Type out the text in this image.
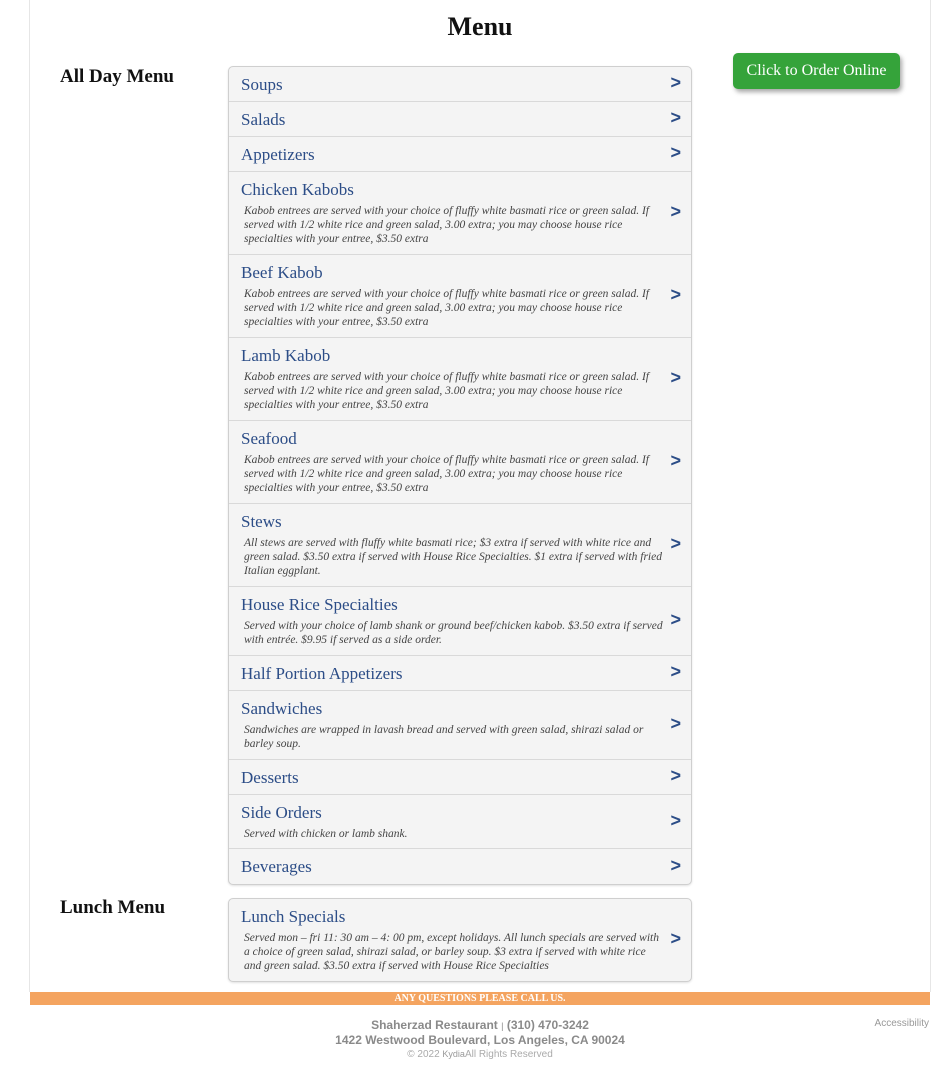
Menu
All Day Menu	Click to Order Online
Soups	>
Salads	>
Appetizers	>
Chicken Kabobs
Kabob entrees are served with your choice of fluffy white basmati rice or green salad. If served with 1/2 white rice and green salad, 3.00 extra; you may choose house rice specialties with your entree, $3.50 extra
>
Beef Kabob
Kabob entrees are served with your choice of fluffy white basmati rice or green salad. If served with 1/2 white rice and green salad, 3.00 extra; you may choose house rice specialties with your entree, $3.50 extra
>
Lamb Kabob
Kabob entrees are served with your choice of fluffy white basmati rice or green salad. If served with 1/2 white rice and green salad, 3.00 extra; you may choose house rice specialties with your entree, $3.50 extra
>
Seafood
Kabob entrees are served with your choice of fluffy white basmati rice or green salad. If served with 1/2 white rice and green salad, 3.00 extra; you may choose house rice specialties with your entree, $3.50 extra
>
Stews
All stews are served with fluffy white basmati rice; $3 extra if served with white rice and green salad. $3.50 extra if served with House Rice Specialties. $1 extra if served with fried Italian eggplant.
>
House Rice Specialties
Served with your choice of lamb shank or ground beef/chicken kabob. $3.50 extra if served with entrée. $9.95 if served as a side order.
>
Half Portion Appetizers	>
Sandwiches
Sandwiches are wrapped in lavash bread and served with green salad, shirazi salad or barley soup.
>
Desserts	>
Side Orders
Served with chicken or lamb shank.
>
Beverages	>
Lunch Menu	Lunch Specials
Served mon – fri 11: 30 am – 4: 00 pm, except holidays. All lunch specials are served with a choice of green salad, shirazi salad, or barley soup. $3 extra if served with white rice and green salad. $3.50 extra if served with House Rice Specialties
>
ANY QUESTIONS PLEASE CALL US.
Shaherzad Restaurant | (310) 470-3242
1422 Westwood Boulevard, Los Angeles, CA 90024
© 2022 KydiaAll Rights Reserved
Accessibility
